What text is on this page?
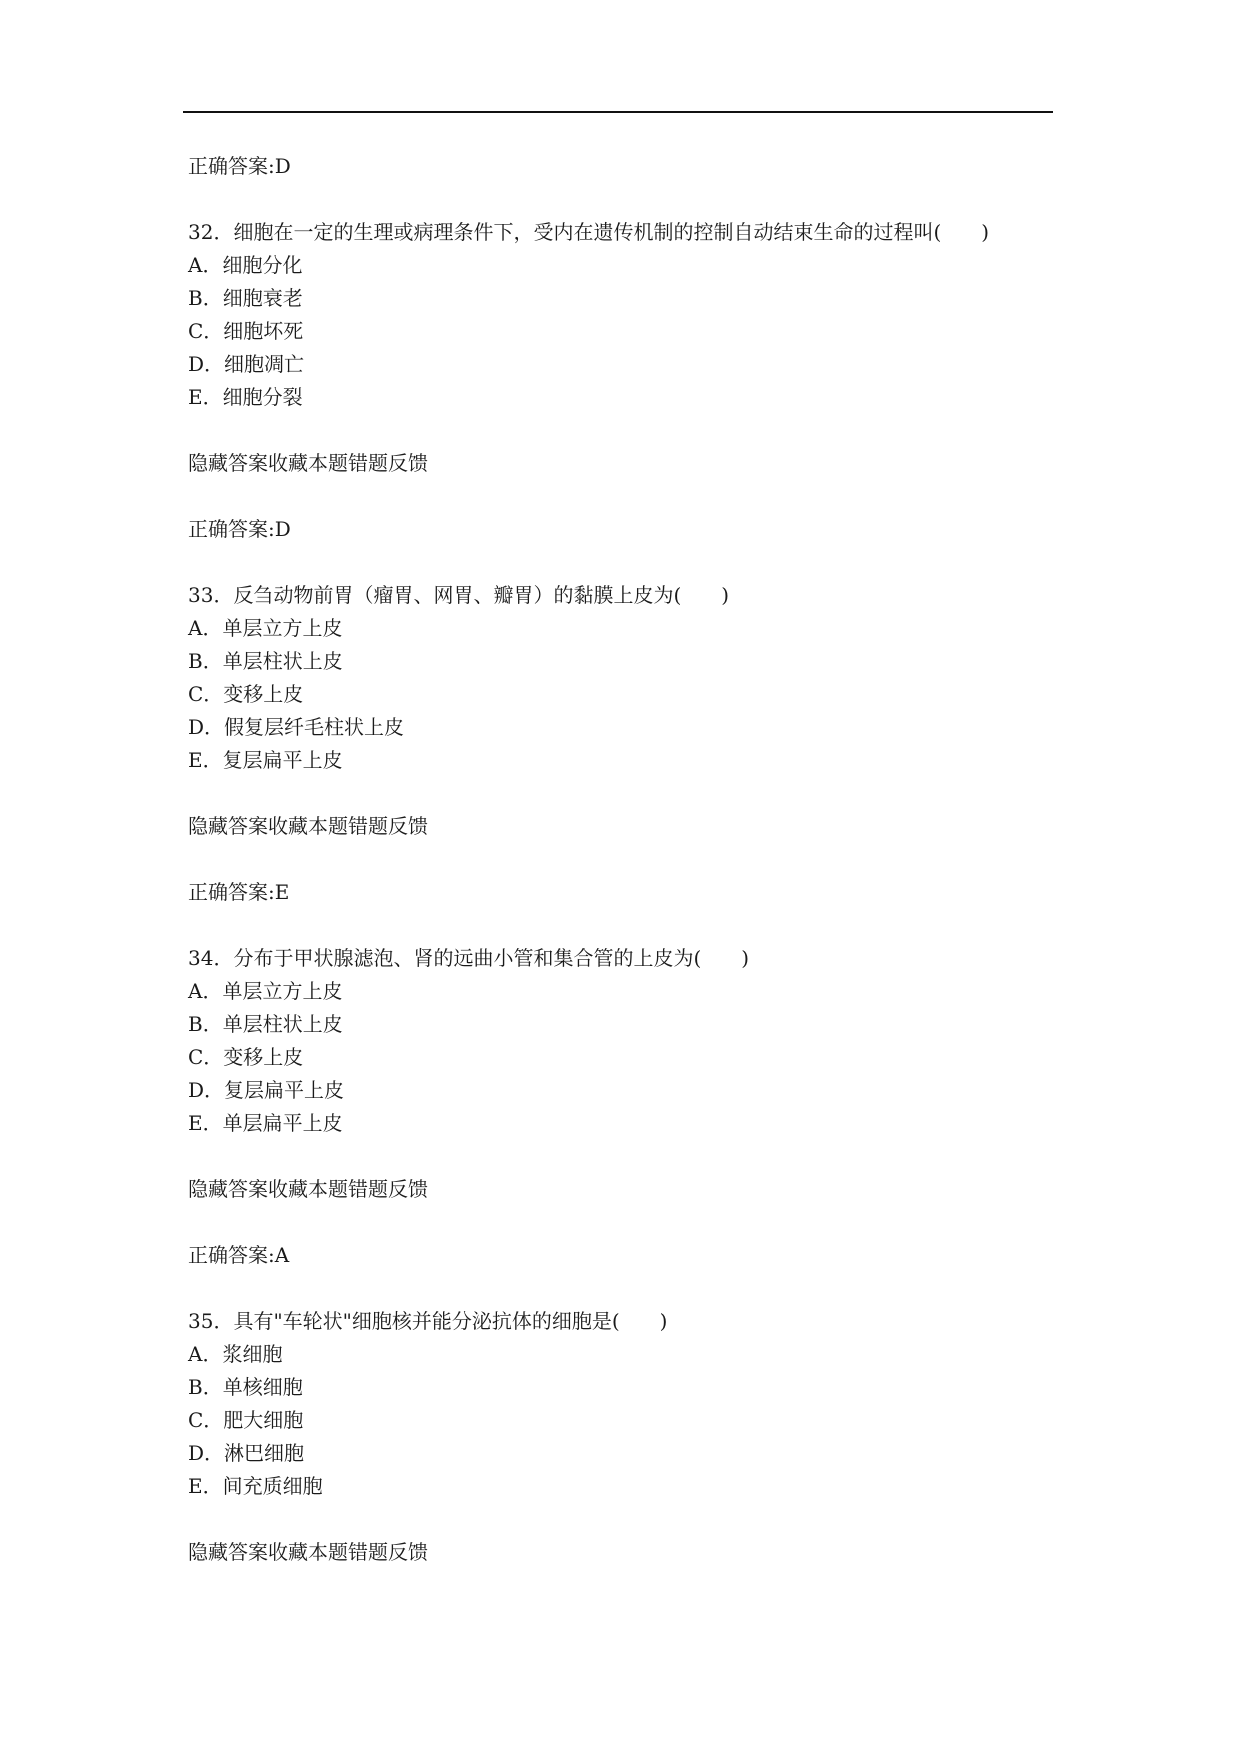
正确答案:D
32．细胞在一定的生理或病理条件下，受内在遗传机制的控制自动结束生命的过程叫(　　)
A．细胞分化
B．细胞衰老
C．细胞坏死
D．细胞凋亡
E．细胞分裂
隐藏答案收藏本题错题反馈
正确答案:D
33．反刍动物前胃（瘤胃、网胃、瓣胃）的黏膜上皮为(　　)
A．单层立方上皮
B．单层柱状上皮
C．变移上皮
D．假复层纤毛柱状上皮
E．复层扁平上皮
隐藏答案收藏本题错题反馈
正确答案:E
34．分布于甲状腺滤泡、肾的远曲小管和集合管的上皮为(　　)
A．单层立方上皮
B．单层柱状上皮
C．变移上皮
D．复层扁平上皮
E．单层扁平上皮
隐藏答案收藏本题错题反馈
正确答案:A
35．具有"车轮状"细胞核并能分泌抗体的细胞是(　　)
A．浆细胞
B．单核细胞
C．肥大细胞
D．淋巴细胞
E．间充质细胞
隐藏答案收藏本题错题反馈
